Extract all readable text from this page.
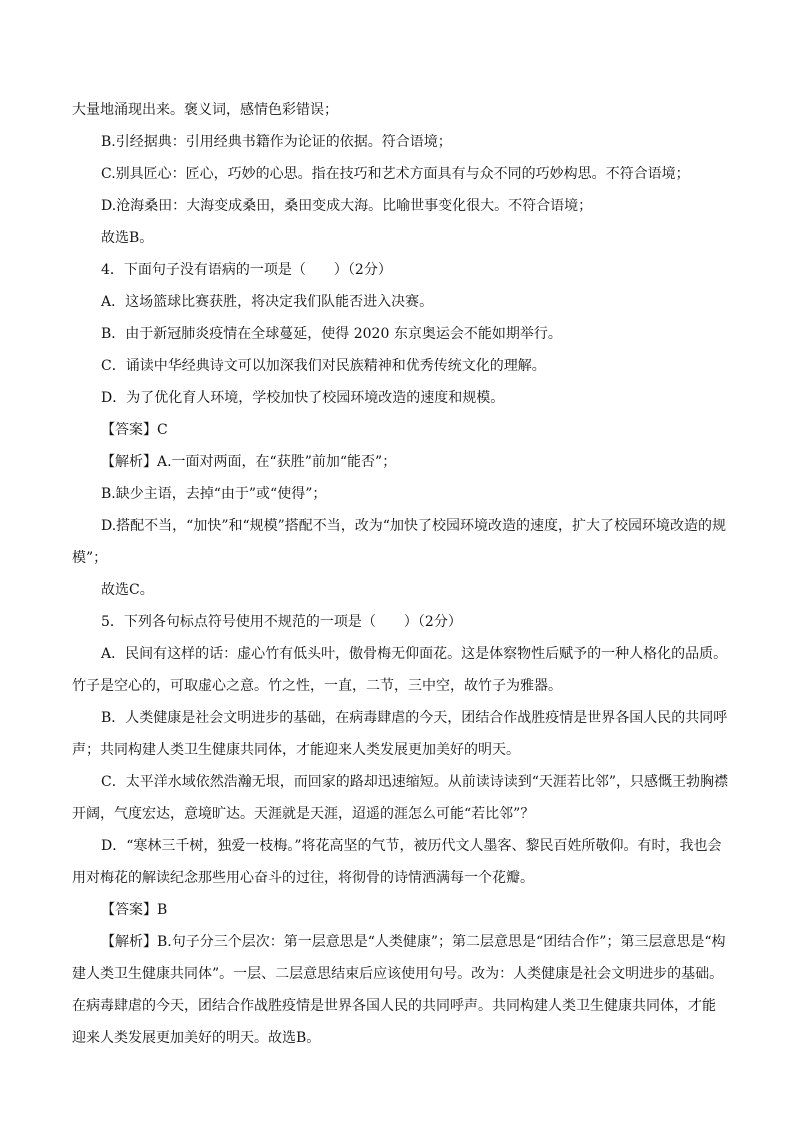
大量地涌现出来。褒义词，感情色彩错误；
B.引经据典：引用经典书籍作为论证的依据。符合语境；
C.别具匠心：匠心，巧妙的心思。指在技巧和艺术方面具有与众不同的巧妙构思。不符合语境；
D.沧海桑田：大海变成桑田，桑田变成大海。比喻世事变化很大。不符合语境；
故选B。
4．下面句子没有语病的一项是（　　）（2分）
A．这场篮球比赛获胜，将决定我们队能否进入决赛。
B．由于新冠肺炎疫情在全球蔓延，使得 2020 东京奥运会不能如期举行。
C．诵读中华经典诗文可以加深我们对民族精神和优秀传统文化的理解。
D．为了优化育人环境，学校加快了校园环境改造的速度和规模。
【答案】C
【解析】A.一面对两面，在“获胜”前加“能否”；
B.缺少主语，去掉“由于”或“使得”；
D.搭配不当，“加快”和“规模”搭配不当，改为“加快了校园环境改造的速度，扩大了校园环境改造的规
模”；
故选C。
5．下列各句标点符号使用不规范的一项是（　　）（2分）
A．民间有这样的话：虚心竹有低头叶，傲骨梅无仰面花。这是体察物性后赋予的一种人格化的品质。
竹子是空心的，可取虚心之意。竹之性，一直，二节，三中空，故竹子为雅器。
B．人类健康是社会文明进步的基础，在病毒肆虐的今天，团结合作战胜疫情是世界各国人民的共同呼
声；共同构建人类卫生健康共同体，才能迎来人类发展更加美好的明天。
C．太平洋水域依然浩瀚无垠，而回家的路却迅速缩短。从前读诗读到“天涯若比邻”，只感慨王勃胸襟
开阔，气度宏达，意境旷达。天涯就是天涯，迢遥的涯怎么可能“若比邻”？
D．“寒林三千树，独爱一枝梅。”将花高坚的气节，被历代文人墨客、黎民百姓所敬仰。有时，我也会
用对梅花的解读纪念那些用心奋斗的过往，将彻骨的诗情洒满每一个花瓣。
【答案】B
【解析】B.句子分三个层次：第一层意思是“人类健康”；第二层意思是“团结合作”；第三层意思是“构
建人类卫生健康共同体”。一层、二层意思结束后应该使用句号。改为：人类健康是社会文明进步的基础。
在病毒肆虐的今天，团结合作战胜疫情是世界各国人民的共同呼声。共同构建人类卫生健康共同体，才能
迎来人类发展更加美好的明天。故选B。
